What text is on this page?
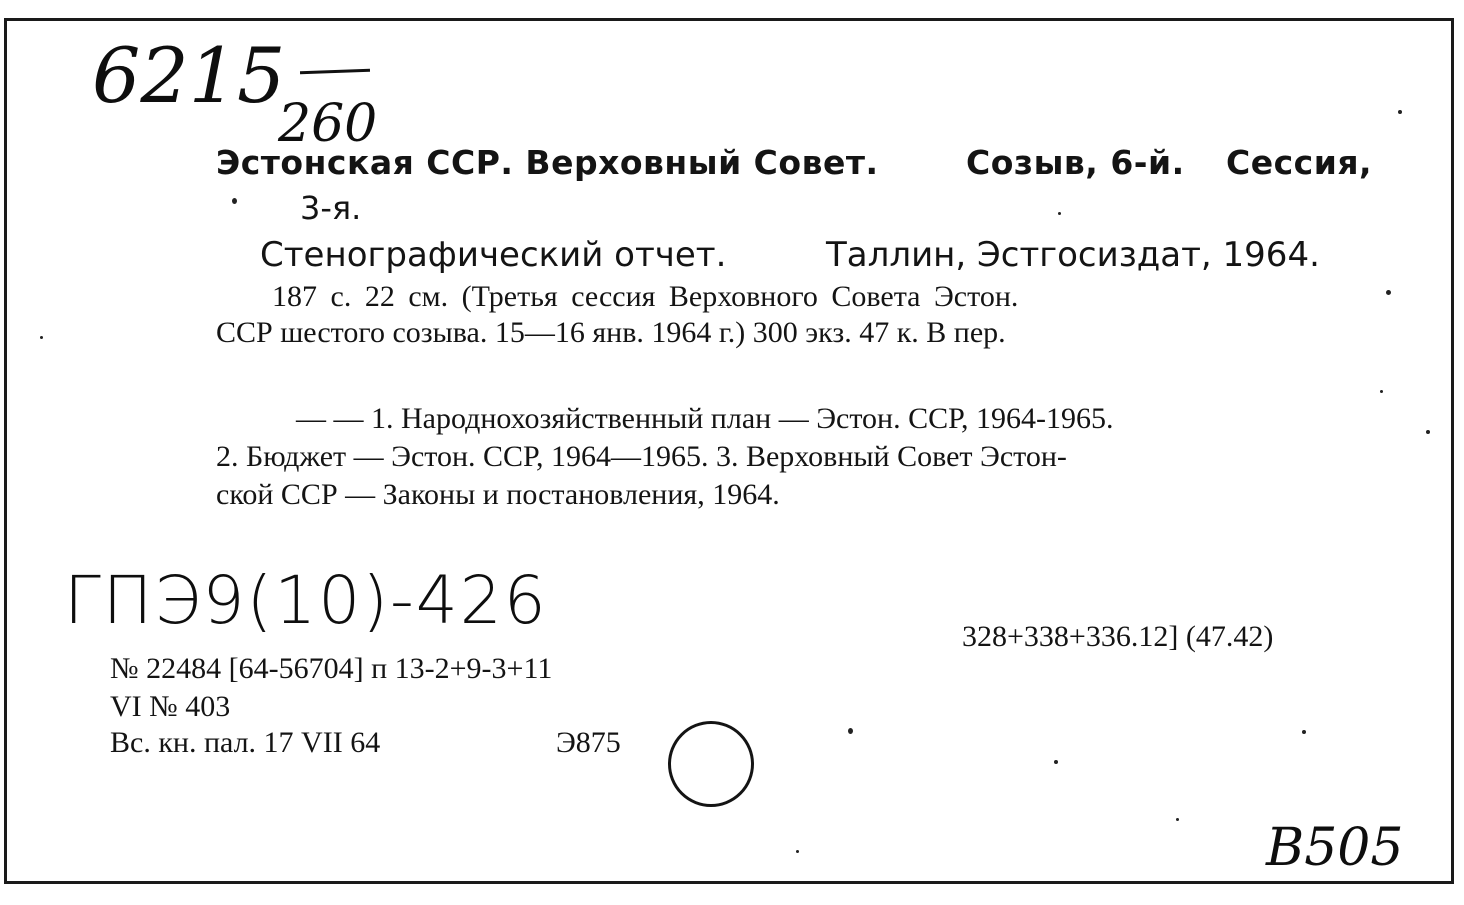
6215
260
Эстонская ССР. Верховный Совет.	Созыв, 6-й. Сессия,
3-я.
Стенографический отчет.	Таллин, Эстгосиздат, 1964.
187 с. 22 см. (Третья сессия Верховного Совета Эстон.
ССР шестого созыва. 15—16 янв. 1964 г.) 300 экз. 47 к. В пер.
— — 1. Народнохозяйственный план — Эстон. ССР, 1964-1965.
2. Бюджет — Эстон. ССР, 1964—1965. 3. Верховный Совет Эстон-
ской ССР — Законы и постановления, 1964.
ГПЭ9(10)-426	328+338+336.12] (47.42)
№ 22484 [64-56704] п 13-2+9-3+11
VI № 403
Вс. кн. пал. 17 VII 64	Э875
В505
